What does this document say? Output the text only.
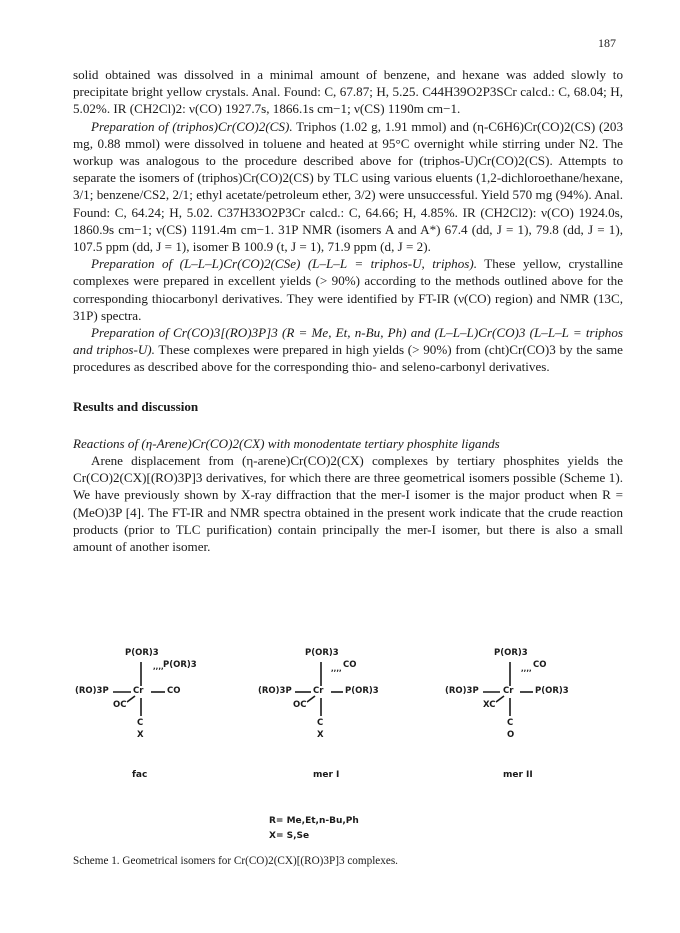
187

solid obtained was dissolved in a minimal amount of benzene, and hexane was added slowly to precipitate bright yellow crystals. Anal. Found: C, 67.87; H, 5.25. C44H39O2P3SCr calcd.: C, 68.04; H, 5.02%. IR (CH2Cl)2: ν(CO) 1927.7s, 1866.1s cm−1; ν(CS) 1190m cm−1.

Preparation of (triphos)Cr(CO)2(CS). Triphos (1.02 g, 1.91 mmol) and (η-C6H6)Cr(CO)2(CS) (203 mg, 0.88 mmol) were dissolved in toluene and heated at 95°C overnight while stirring under N2. The workup was analogous to the procedure described above for (triphos-U)Cr(CO)2(CS). Attempts to separate the isomers of (triphos)Cr(CO)2(CS) by TLC using various eluents (1,2-dichloroethane/hexane, 3/1; benzene/CS2, 2/1; ethyl acetate/petroleum ether, 3/2) were unsuccessful. Yield 570 mg (94%). Anal. Found: C, 64.24; H, 5.02. C37H33O2P3Cr calcd.: C, 64.66; H, 4.85%. IR (CH2Cl2): ν(CO) 1924.0s, 1860.9s cm−1; ν(CS) 1191.4m cm−1. 31P NMR (isomers A and A*) 67.4 (dd, J = 1), 79.8 (dd, J = 1), 107.5 ppm (dd, J = 1), isomer B 100.9 (t, J = 1), 71.9 ppm (d, J = 2).

Preparation of (L–L–L)Cr(CO)2(CSe) (L–L–L = triphos-U, triphos). These yellow, crystalline complexes were prepared in excellent yields (> 90%) according to the methods outlined above for the corresponding thiocarbonyl derivatives. They were identified by FT-IR (ν(CO) region) and NMR (13C, 31P) spectra.

Preparation of Cr(CO)3[(RO)3P]3 (R = Me, Et, n-Bu, Ph) and (L–L–L)Cr(CO)3 (L–L–L = triphos and triphos-U). These complexes were prepared in high yields (> 90%) from (cht)Cr(CO)3 by the same procedures as described above for the corresponding thio- and seleno-carbonyl derivatives.

Results and discussion

Reactions of (η-Arene)Cr(CO)2(CX) with monodentate tertiary phosphite ligands

Arene displacement from (η-arene)Cr(CO)2(CX) complexes by tertiary phosphites yields the Cr(CO)2(CX)[(RO)3P]3 derivatives, for which there are three geometrical isomers possible (Scheme 1). We have previously shown by X-ray diffraction that the mer-I isomer is the major product when R = (MeO)3P [4]. The FT-IR and NMR spectra obtained in the present work indicate that the crude reaction products (prior to TLC purification) contain principally the mer-I isomer, but there is also a small amount of another isomer.

P(OR)3
,,,, P(OR)3
(RO)3P	Cr	CO
OC
C
X
P(OR)3
,,,, CO
(RO)3P	Cr	P(OR)3
OC
C
X
P(OR)3
,,,, CO
(RO)3P	Cr	P(OR)3
XC
C
O
fac	mer I	mer II
R= Me,Et,n-Bu,Ph
X= S,Se
Scheme 1. Geometrical isomers for Cr(CO)2(CX)[(RO)3P]3 complexes.
